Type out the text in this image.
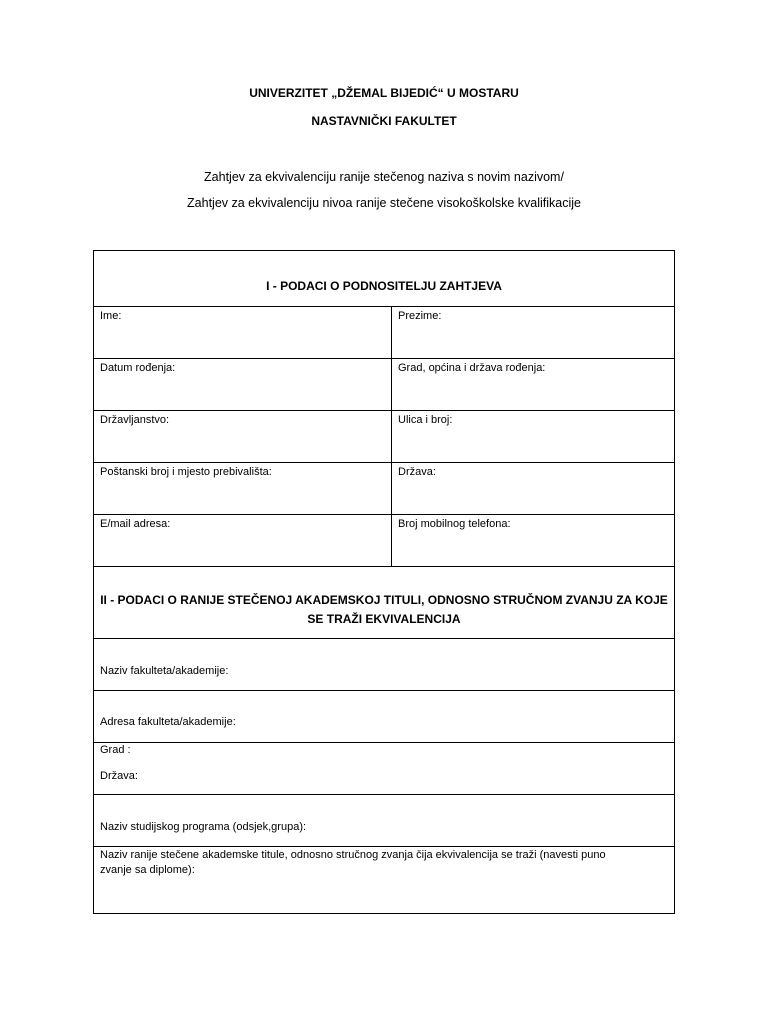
UNIVERZITET „DŽEMAL BIJEDIĆ“ U MOSTARU
NASTAVNIČKI FAKULTET
Zahtjev za ekvivalenciju ranije stečenog naziva s novim nazivom/
Zahtjev za ekvivalenciju nivoa ranije stečene visokoškolske kvalifikacije
I - PODACI O PODNOSITELJU ZAHTJEVA
Ime:	Prezime:
Datum rođenja:	Grad, općina i država rođenja:
Državljanstvo:	Ulica i broj:
Poštanski broj i mjesto prebivališta:	Država:
E/mail adresa:	Broj mobilnog telefona:
II - PODACI O RANIJE STEČENOJ AKADEMSKOJ TITULI, ODNOSNO STRUČNOM ZVANJU ZA KOJE
SE TRAŽI EKVIVALENCIJA
Naziv fakulteta/akademije:
Adresa fakulteta/akademije:
Grad :
Država:
Naziv studijskog programa (odsjek,grupa):
Naziv ranije stečene akademske titule, odnosno stručnog zvanja čija ekvivalencija se traži (navesti puno
zvanje sa diplome):
